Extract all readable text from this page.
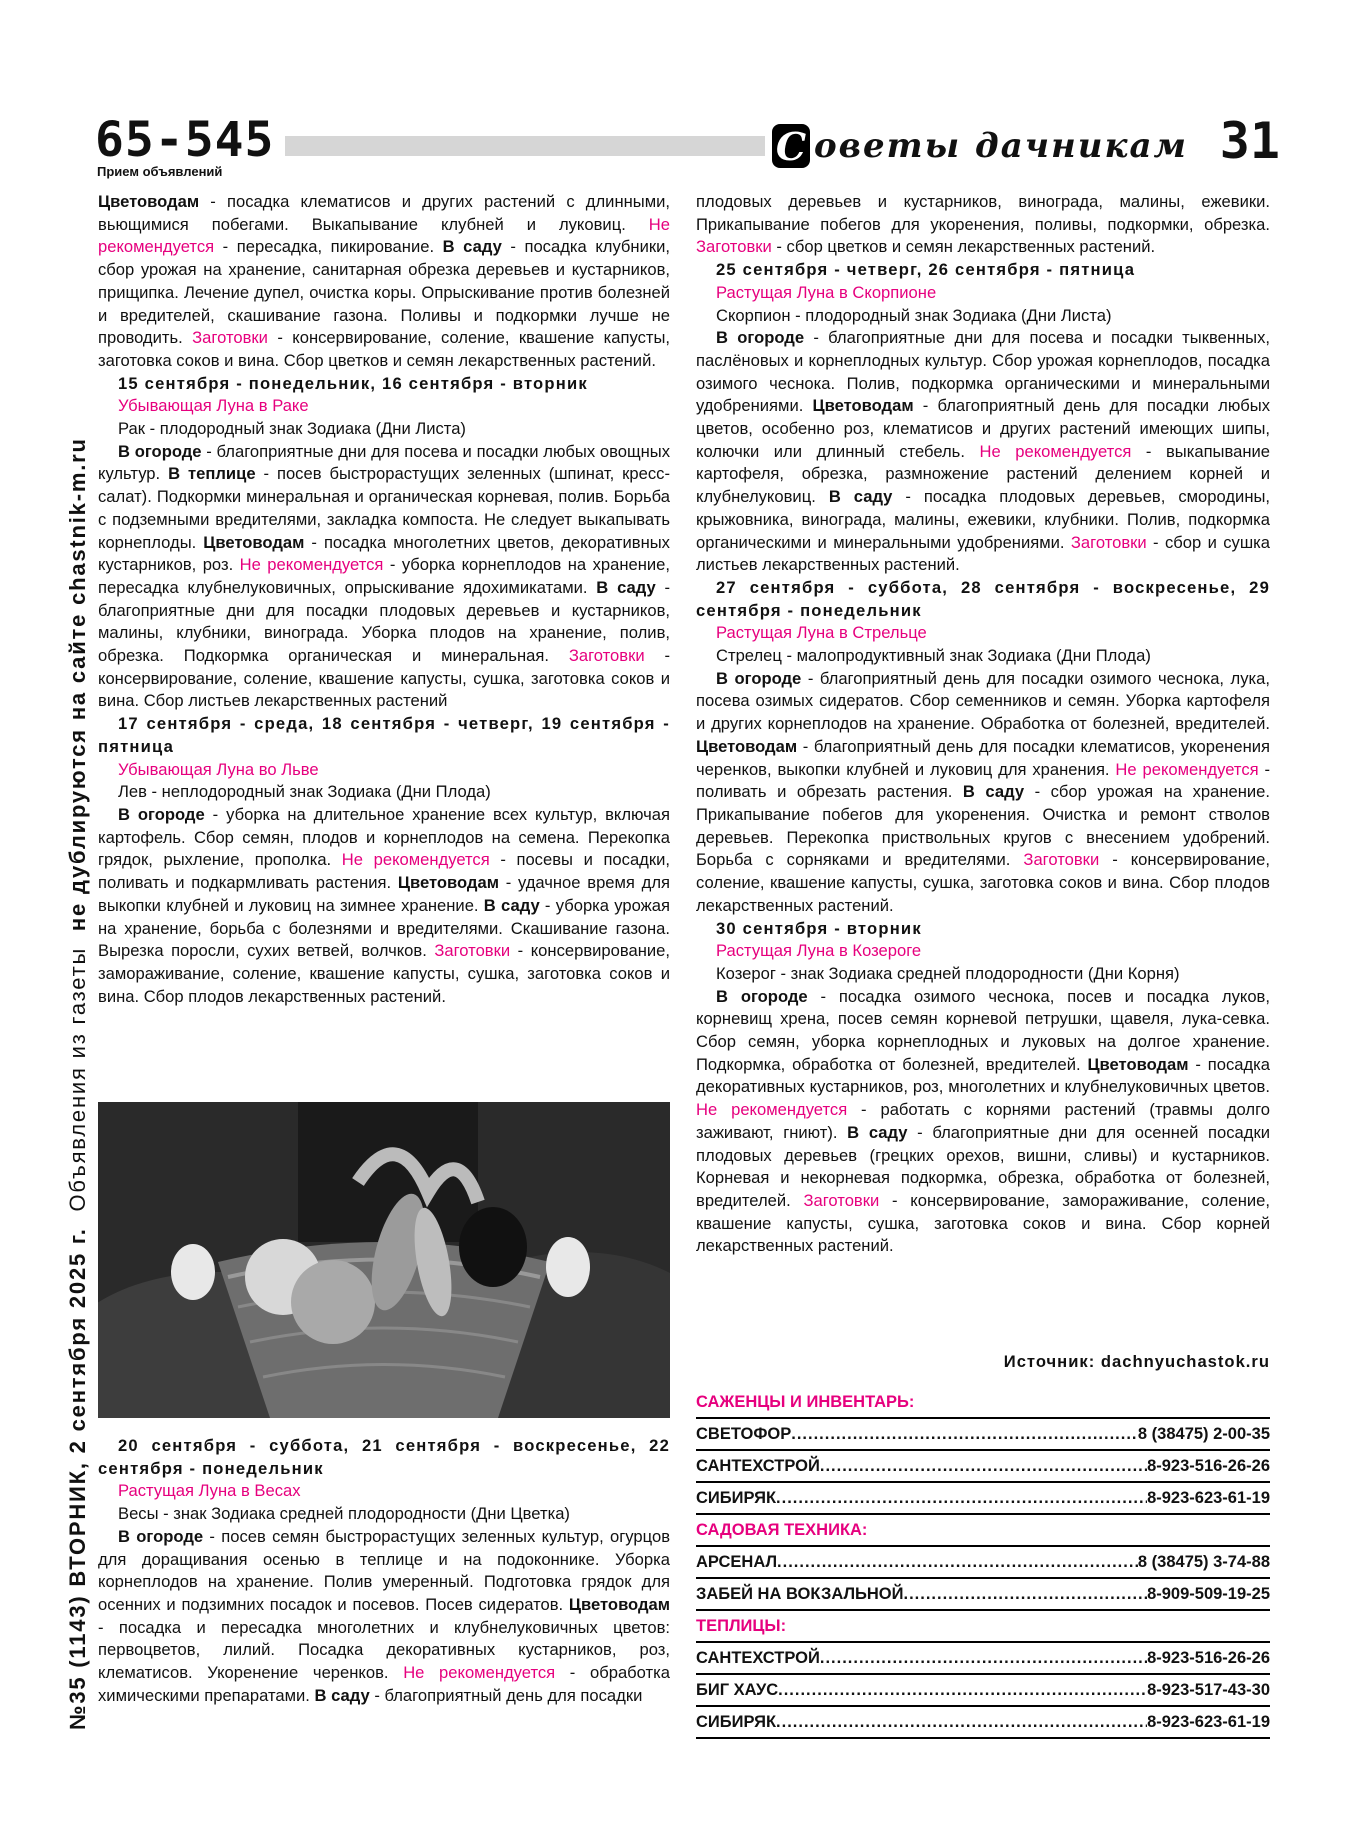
65-545
Прием объявлений
С оветы дачникам 31
№35 (1143) ВТОРНИК, 2 сентября 2025 г.  Объявления из газеты  не дублируются на сайте chastnik-m.ru

Цветоводам - посадка клематисов и других растений с длинными, вьющимися побегами. Выкапывание клубней и луковиц. Не рекомендуется - пересадка, пикирование. В саду - посадка клубники, сбор урожая на хранение, санитарная обрезка деревьев и кустарников, прищипка. Лечение дупел, очистка коры. Опрыскивание против болезней и вредителей, скашивание газона. Поливы и подкормки лучше не проводить. Заготовки - консервирование, соление, квашение капусты, заготовка соков и вина. Сбор цветков и семян лекарственных растений.

15 сентября - понедельник, 16 сентября - вторник

Убывающая Луна в Раке

Рак - плодородный знак Зодиака (Дни Листа)

В огороде - благоприятные дни для посева и посадки любых овощных культур. В теплице - посев быстрорастущих зеленных (шпинат, кресс-салат). Подкормки минеральная и органическая корневая, полив. Борьба с подземными вредителями, закладка компоста. Не следует выкапывать корнеплоды. Цветоводам - посадка многолетних цветов, декоративных кустарников, роз. Не рекомендуется - уборка корнеплодов на хранение, пересадка клубнелуковичных, опрыскивание ядохимикатами. В саду - благоприятные дни для посадки плодовых деревьев и кустарников, малины, клубники, винограда. Уборка плодов на хранение, полив, обрезка. Подкормка органическая и минеральная. Заготовки - консервирование, соление, квашение капусты, сушка, заготовка соков и вина. Сбор листьев лекарственных растений

17 сентября - среда, 18 сентября - четверг, 19 сентября - пятница

Убывающая Луна во Льве

Лев - неплодородный знак Зодиака (Дни Плода)

В огороде - уборка на длительное хранение всех культур, включая картофель. Сбор семян, плодов и корнеплодов на семена. Перекопка грядок, рыхление, прополка. Не рекомендуется - посевы и посадки, поливать и подкармливать растения. Цветоводам - удачное время для выкопки клубней и луковиц на зимнее хранение. В саду - уборка урожая на хранение, борьба с болезнями и вредителями. Скашивание газона. Вырезка поросли, сухих ветвей, волчков. Заготовки - консервирование, замораживание, соление, квашение капусты, сушка, заготовка соков и вина. Сбор плодов лекарственных растений.

20 сентября - суббота, 21 сентября - воскресенье, 22 сентября - понедельник

Растущая Луна в Весах

Весы - знак Зодиака средней плодородности (Дни Цветка)

В огороде - посев семян быстрорастущих зеленных культур, огурцов для доращивания осенью в теплице и на подоконнике. Уборка корнеплодов на хранение. Полив умеренный. Подготовка грядок для осенних и подзимних посадок и посевов. Посев сидератов. Цветоводам - посадка и пересадка многолетних и клубнелуковичных цветов: первоцветов, лилий. Посадка декоративных кустарников, роз, клематисов. Укоренение черенков. Не рекомендуется - обработка химическими препаратами. В саду - благоприятный день для посадки

плодовых деревьев и кустарников, винограда, малины, ежевики. Прикапывание побегов для укоренения, поливы, подкормки, обрезка. Заготовки - сбор цветков и семян лекарственных растений.

25 сентября - четверг, 26 сентября - пятница

Растущая Луна в Скорпионе

Скорпион - плодородный знак Зодиака (Дни Листа)

В огороде - благоприятные дни для посева и посадки тыквенных, паслёновых и корнеплодных культур. Сбор урожая корнеплодов, посадка озимого чеснока. Полив, подкормка органическими и минеральными удобрениями. Цветоводам - благоприятный день для посадки любых цветов, особенно роз, клематисов и других растений имеющих шипы, колючки или длинный стебель. Не рекомендуется - выкапывание картофеля, обрезка, размножение растений делением корней и клубнелуковиц. В саду - посадка плодовых деревьев, смородины, крыжовника, винограда, малины, ежевики, клубники. Полив, подкормка органическими и минеральными удобрениями. Заготовки - сбор и сушка листьев лекарственных растений.

27 сентября - суббота, 28 сентября - воскресенье, 29 сентября - понедельник

Растущая Луна в Стрельце

Стрелец - малопродуктивный знак Зодиака (Дни Плода)

В огороде - благоприятный день для посадки озимого чеснока, лука, посева озимых сидератов. Сбор семенников и семян. Уборка картофеля и других корнеплодов на хранение. Обработка от болезней, вредителей. Цветоводам - благоприятный день для посадки клематисов, укоренения черенков, выкопки клубней и луковиц для хранения. Не рекомендуется - поливать и обрезать растения. В саду - сбор урожая на хранение. Прикапывание побегов для укоренения. Очистка и ремонт стволов деревьев. Перекопка приствольных кругов с внесением удобрений. Борьба с сорняками и вредителями. Заготовки - консервирование, соление, квашение капусты, сушка, заготовка соков и вина. Сбор плодов лекарственных растений.

30 сентября - вторник

Растущая Луна в Козероге

Козерог - знак Зодиака средней плодородности (Дни Корня)

В огороде - посадка озимого чеснока, посев и посадка луков, корневищ хрена, посев семян корневой петрушки, щавеля, лука-севка. Сбор семян, уборка корнеплодных и луковых на долгое хранение. Подкормка, обработка от болезней, вредителей. Цветоводам - посадка декоративных кустарников, роз, многолетних и клубнелуковичных цветов. Не рекомендуется - работать с корнями растений (травмы долго заживают, гниют). В саду - благоприятные дни для осенней посадки плодовых деревьев (грецких орехов, вишни, сливы) и кустарников. Корневая и некорневая подкормка, обрезка, обработка от болезней, вредителей. Заготовки - консервирование, замораживание, соление, квашение капусты, сушка, заготовка соков и вина. Сбор корней лекарственных растений.

Источник: dachnyuchastok.ru
САЖЕНЦЫ И ИНВЕНТАРЬ:
СВЕТОФОР .....	8 (38475) 2-00-35
САНТЕХСТРОЙ .....	8-923-516-26-26
СИБИРЯК .....	8-923-623-61-19
САДОВАЯ ТЕХНИКА:
АРСЕНАЛ .....	8 (38475) 3-74-88
ЗАБЕЙ НА ВОКЗАЛЬНОЙ .....	8-909-509-19-25
ТЕПЛИЦЫ:
САНТЕХСТРОЙ .....	8-923-516-26-26
БИГ ХАУС .....	8-923-517-43-30
СИБИРЯК .....	8-923-623-61-19
